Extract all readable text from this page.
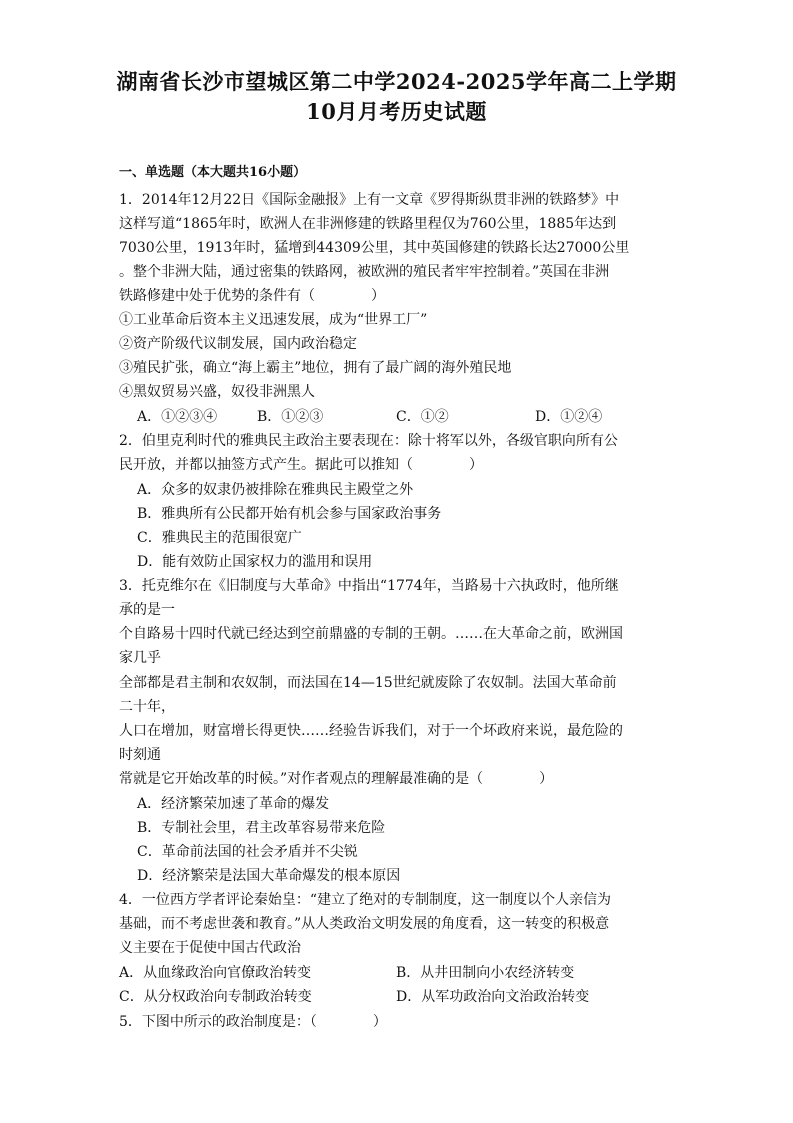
湖南省长沙市望城区第二中学2024-2025学年高二上学期
10月月考历史试题
一、单选题（本大题共16小题）
1．2014年12月22日《国际金融报》上有一文章《罗得斯纵贯非洲的铁路梦》中
这样写道“1865年时，欧洲人在非洲修建的铁路里程仅为760公里，1885年达到
7030公里，1913年时，猛增到44309公里，其中英国修建的铁路长达27000公里
。整个非洲大陆，通过密集的铁路网，被欧洲的殖民者牢牢控制着。”英国在非洲
铁路修建中处于优势的条件有（　　　　）
①工业革命后资本主义迅速发展，成为“世界工厂”
②资产阶级代议制发展，国内政治稳定
③殖民扩张，确立“海上霸主”地位，拥有了最广阔的海外殖民地
④黑奴贸易兴盛，奴役非洲黑人
A．①②③④	B．①②③	C．①②	D．①②④
2．伯里克利时代的雅典民主政治主要表现在：除十将军以外，各级官职向所有公
民开放，并都以抽签方式产生。据此可以推知（　　　　）
A．众多的奴隶仍被排除在雅典民主殿堂之外
B．雅典所有公民都开始有机会参与国家政治事务
C．雅典民主的范围很宽广
D．能有效防止国家权力的滥用和误用
3．托克维尔在《旧制度与大革命》中指出“1774年，当路易十六执政时，他所继
承的是一
个自路易十四时代就已经达到空前鼎盛的专制的王朝。……在大革命之前，欧洲国
家几乎
全部都是君主制和农奴制，而法国在14—15世纪就废除了农奴制。法国大革命前
二十年，
人口在增加，财富增长得更快……经验告诉我们，对于一个坏政府来说，最危险的
时刻通
常就是它开始改革的时候。”对作者观点的理解最准确的是（　　　　）
A．经济繁荣加速了革命的爆发
B．专制社会里，君主改革容易带来危险
C．革命前法国的社会矛盾并不尖锐
D．经济繁荣是法国大革命爆发的根本原因
4．一位西方学者评论秦始皇：“建立了绝对的专制制度，这一制度以个人亲信为
基础，而不考虑世袭和教育。”从人类政治文明发展的角度看，这一转变的积极意
义主要在于促使中国古代政治
A．从血缘政治向官僚政治转变	B．从井田制向小农经济转变
C．从分权政治向专制政治转变	D．从军功政治向文治政治转变
5．下图中所示的政治制度是：（　　　　）
